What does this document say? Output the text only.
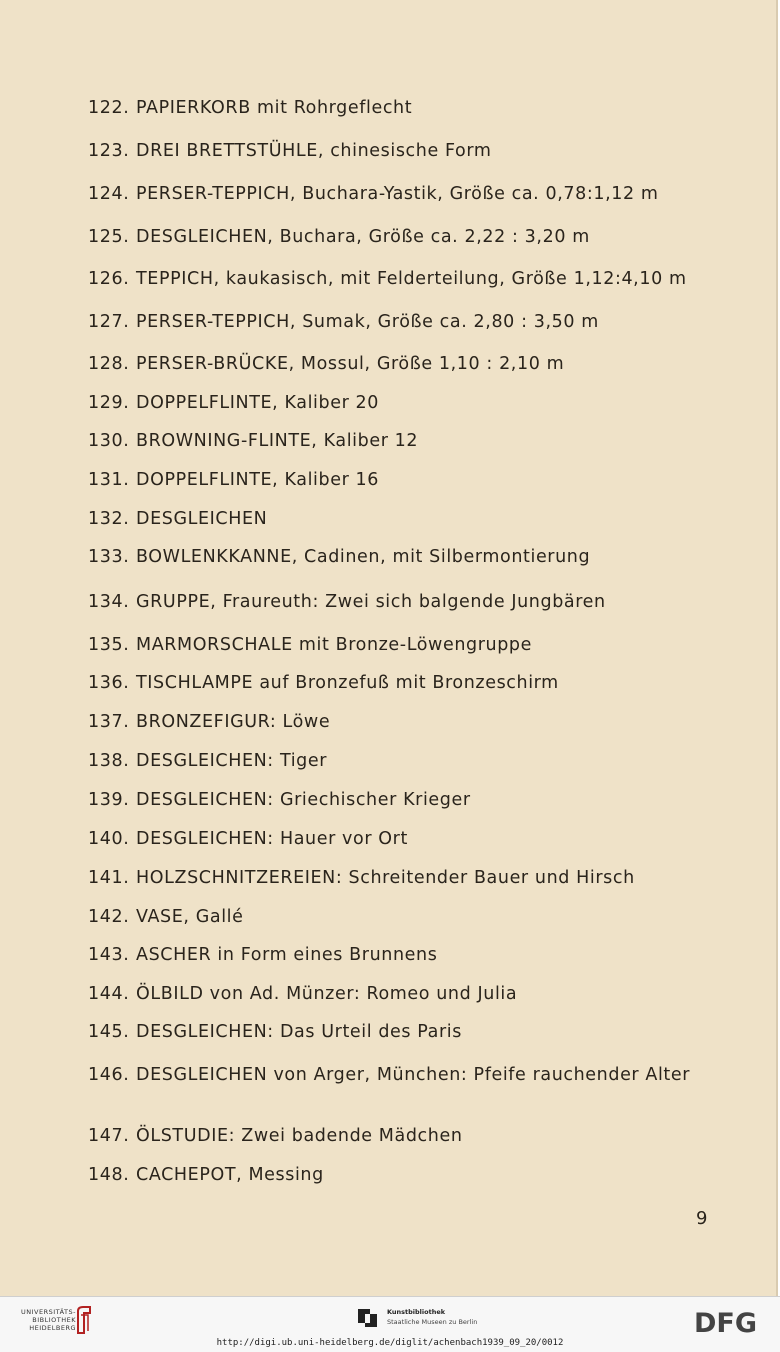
122. PAPIERKORB mit Rohrgeflecht
123. DREI BRETTSTÜHLE, chinesische Form
124. PERSER-TEPPICH, Buchara-Yastik, Größe ca. 0,78:1,12 m
125. DESGLEICHEN, Buchara, Größe ca. 2,22 : 3,20 m
126. TEPPICH, kaukasisch, mit Felderteilung, Größe 1,12:4,10 m
127. PERSER-TEPPICH, Sumak, Größe ca. 2,80 : 3,50 m
128. PERSER-BRÜCKE, Mossul, Größe 1,10 : 2,10 m
129. DOPPELFLINTE, Kaliber 20
130. BROWNING-FLINTE, Kaliber 12
131. DOPPELFLINTE, Kaliber 16
132. DESGLEICHEN
133. BOWLENKKANNE, Cadinen, mit Silbermontierung
134. GRUPPE, Fraureuth: Zwei sich balgende Jungbären
135. MARMORSCHALE mit Bronze-Löwengruppe
136. TISCHLAMPE auf Bronzefuß mit Bronzeschirm
137. BRONZEFIGUR: Löwe
138. DESGLEICHEN: Tiger
139. DESGLEICHEN: Griechischer Krieger
140. DESGLEICHEN: Hauer vor Ort
141. HOLZSCHNITZEREIEN: Schreitender Bauer und Hirsch
142. VASE, Gallé
143. ASCHER in Form eines Brunnens
144. ÖLBILD von Ad. Münzer: Romeo und Julia
145. DESGLEICHEN: Das Urteil des Paris
146. DESGLEICHEN von Arger, München: Pfeife rauchender Alter
147. ÖLSTUDIE: Zwei badende Mädchen
148. CACHEPOT, Messing
9
UNIVERSITÄTS-
BIBLIOTHEK
HEIDELBERG
Kunstbibliothek
Staatliche Museen zu Berlin	DFG
http://digi.ub.uni-heidelberg.de/diglit/achenbach1939_09_20/0012
